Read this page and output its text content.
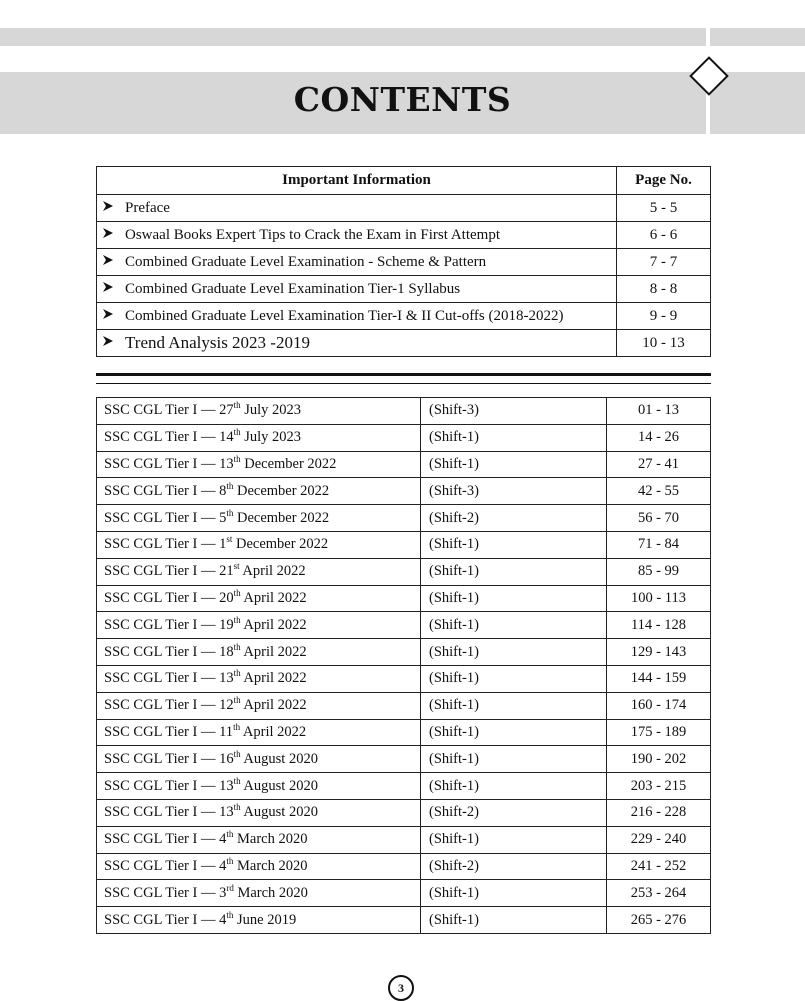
CONTENTS
Important Information		Page No.
	Preface	5 - 5
	Oswaal Books Expert Tips to Crack the Exam in First Attempt	6 - 6
	Combined Graduate Level Examination - Scheme & Pattern	7 - 7
	Combined Graduate Level Examination Tier-1 Syllabus	8 - 8
	Combined Graduate Level Examination Tier-I & II Cut-offs (2018-2022)	9 - 9
	Trend Analysis 2023 -2019	10 - 13
SSC CGL Tier I — 27th July 2023	(Shift-3)	01 - 13
SSC CGL Tier I — 14th July 2023	(Shift-1)	14 - 26
SSC CGL Tier I — 13th December 2022	(Shift-1)	27 - 41
SSC CGL Tier I — 8th December 2022	(Shift-3)	42 - 55
SSC CGL Tier I — 5th December 2022	(Shift-2)	56 - 70
SSC CGL Tier I — 1st December 2022	(Shift-1)	71 - 84
SSC CGL Tier I — 21st April 2022	(Shift-1)	85 - 99
SSC CGL Tier I — 20th April 2022	(Shift-1)	100 - 113
SSC CGL Tier I — 19th April 2022	(Shift-1)	114 - 128
SSC CGL Tier I — 18th April 2022	(Shift-1)	129 - 143
SSC CGL Tier I — 13th April 2022	(Shift-1)	144 - 159
SSC CGL Tier I — 12th April 2022	(Shift-1)	160 - 174
SSC CGL Tier I — 11th April 2022	(Shift-1)	175 - 189
SSC CGL Tier I — 16th August 2020	(Shift-1)	190 - 202
SSC CGL Tier I — 13th August 2020	(Shift-1)	203 - 215
SSC CGL Tier I — 13th August 2020	(Shift-2)	216 - 228
SSC CGL Tier I — 4th March 2020	(Shift-1)	229 - 240
SSC CGL Tier I — 4th March 2020	(Shift-2)	241 - 252
SSC CGL Tier I — 3rd March 2020	(Shift-1)	253 - 264
SSC CGL Tier I — 4th June 2019	(Shift-1)	265 - 276
3
